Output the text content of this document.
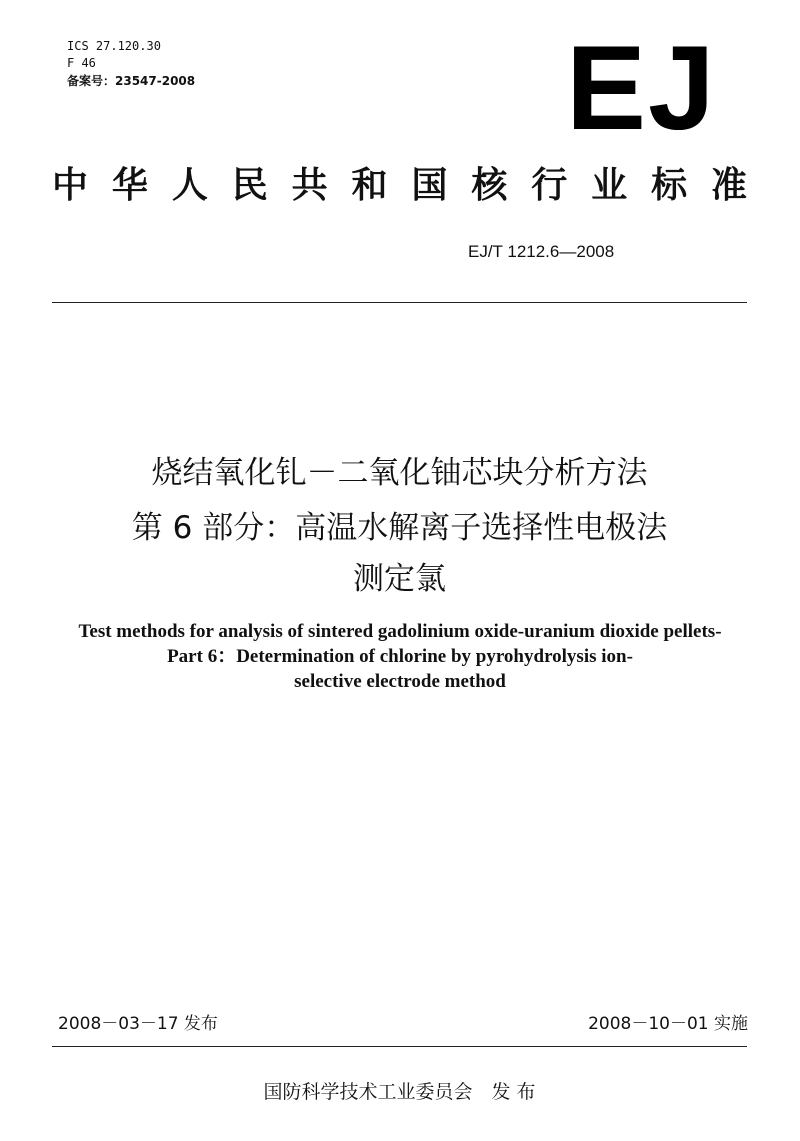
ICS 27.120.30
F 46
备案号：23547-2008	EJ
中 华 人 民 共 和 国 核 行 业 标 准
EJ/T 1212.6—2008
烧结氧化钆－二氧化铀芯块分析方法
第 6 部分：高温水解离子选择性电极法
测定氯
Test methods for analysis of sintered gadolinium oxide-uranium dioxide pellets-
Part 6：Determination of chlorine by pyrohydrolysis ion-
selective electrode method
2008－03－17 发布	2008－10－01 实施
国防科学技术工业委员会　发 布
